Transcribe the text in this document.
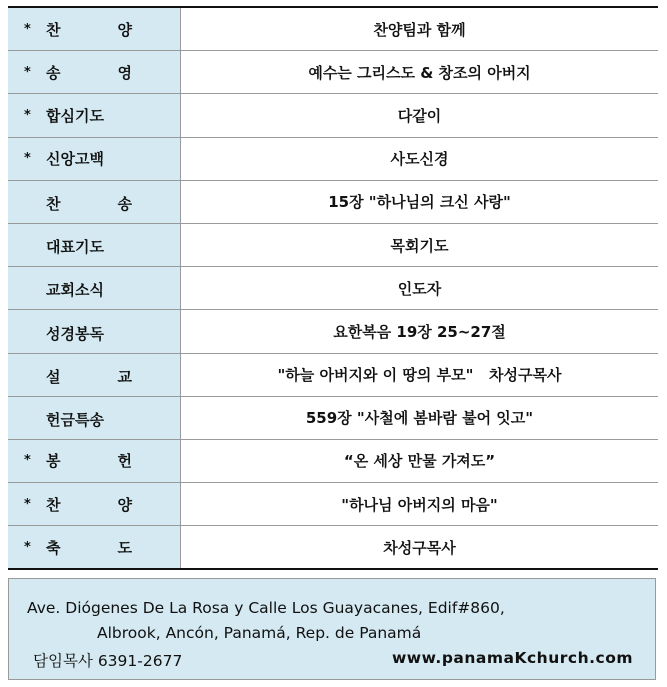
* 찬 양	찬양팀과 함께

* 송 영	예수는 그리스도 & 창조의 아버지

* 합심기도	다같이

* 신앙고백	사도신경

찬 송	15장 "하나님의 크신 사랑"

대표기도	목회기도

교회소식	인도자

성경봉독	요한복음 19장 25~27절

설 교	"하늘 아버지와 이 땅의 부모"   차성구목사

헌금특송	559장 "사철에 봄바람 불어 잇고"

* 봉 헌	“온 세상 만물 가져도”

* 찬 양	"하나님 아버지의 마음"

* 축 도	차성구목사
Ave. Diógenes De La Rosa y Calle Los Guayacanes, Edif#860,
Albrook, Ancón, Panamá, Rep. de Panamá
담임목사 6391-2677	www.panamaKchurch.com
